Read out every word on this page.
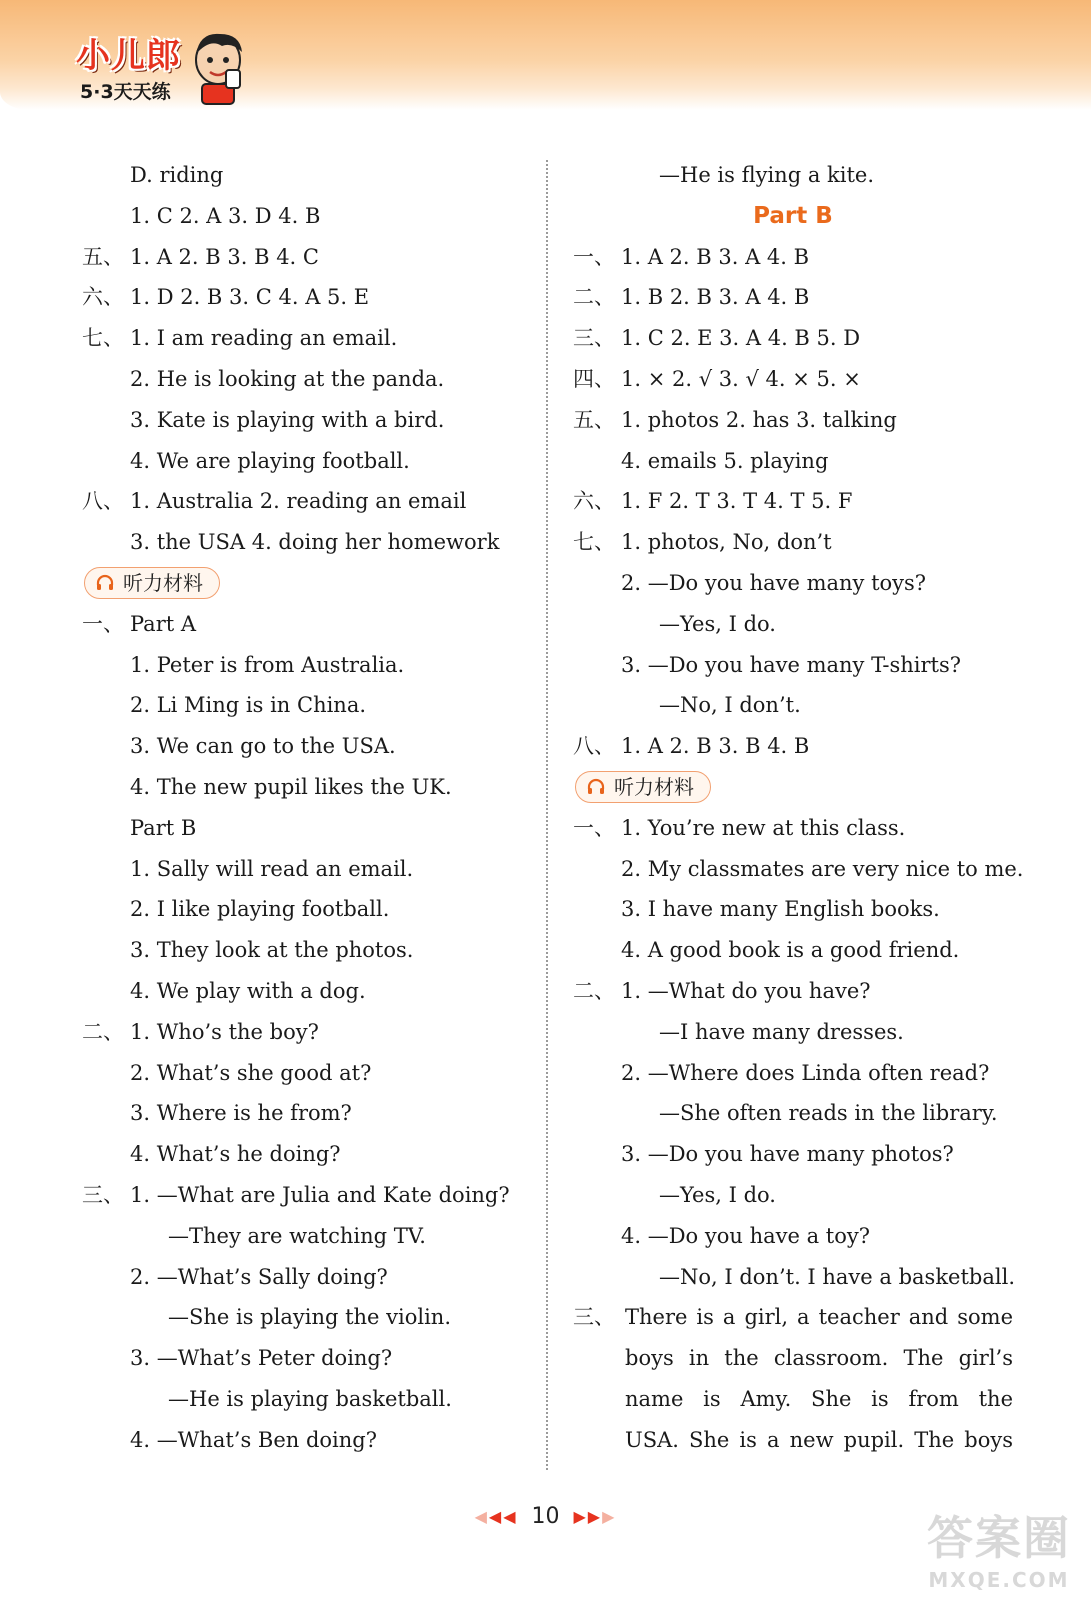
小儿郎
5·3天天练
D. riding
1. C 2. A 3. D 4. B
五、 1. A 2. B 3. B 4. C
六、 1. D 2. B 3. C 4. A 5. E
七、 1. I am reading an email.
2. He is looking at the panda.
3. Kate is playing with a bird.
4. We are playing football.
八、 1. Australia 2. reading an email
3. the USA 4. doing her homework
听力材料
一、 Part A
1. Peter is from Australia.
2. Li Ming is in China.
3. We can go to the USA.
4. The new pupil likes the UK.
Part B
1. Sally will read an email.
2. I like playing football.
3. They look at the photos.
4. We play with a dog.
二、 1. Who’s the boy?
2. What’s she good at?
3. Where is he from?
4. What’s he doing?
三、 1. —What are Julia and Kate doing?
—They are watching TV.
2. —What’s Sally doing?
—She is playing the violin.
3. —What’s Peter doing?
—He is playing basketball.
4. —What’s Ben doing?
—He is flying a kite.
Part B
一、 1. A 2. B 3. A 4. B
二、 1. B 2. B 3. A 4. B
三、 1. C 2. E 3. A 4. B 5. D
四、 1. × 2. √ 3. √ 4. × 5. ×
五、 1. photos 2. has 3. talking
4. emails 5. playing
六、 1. F 2. T 3. T 4. T 5. F
七、 1. photos, No, don’t
2. —Do you have many toys?
—Yes, I do.
3. —Do you have many T-shirts?
—No, I don’t.
八、 1. A 2. B 3. B 4. B
听力材料
一、 1. You’re new at this class.
2. My classmates are very nice to me.
3. I have many English books.
4. A good book is a good friend.
二、 1. —What do you have?
—I have many dresses.
2. —Where does Linda often read?
—She often reads in the library.
3. —Do you have many photos?
—Yes, I do.
4. —Do you have a toy?
—No, I don’t. I have a basketball.
三、 There is a girl, a teacher and some
boys in the classroom. The girl’s
name is Amy. She is from the
USA. She is a new pupil. The boys
◀◀◀ 10 ▶▶▶	答案圈
MXQE.COM
